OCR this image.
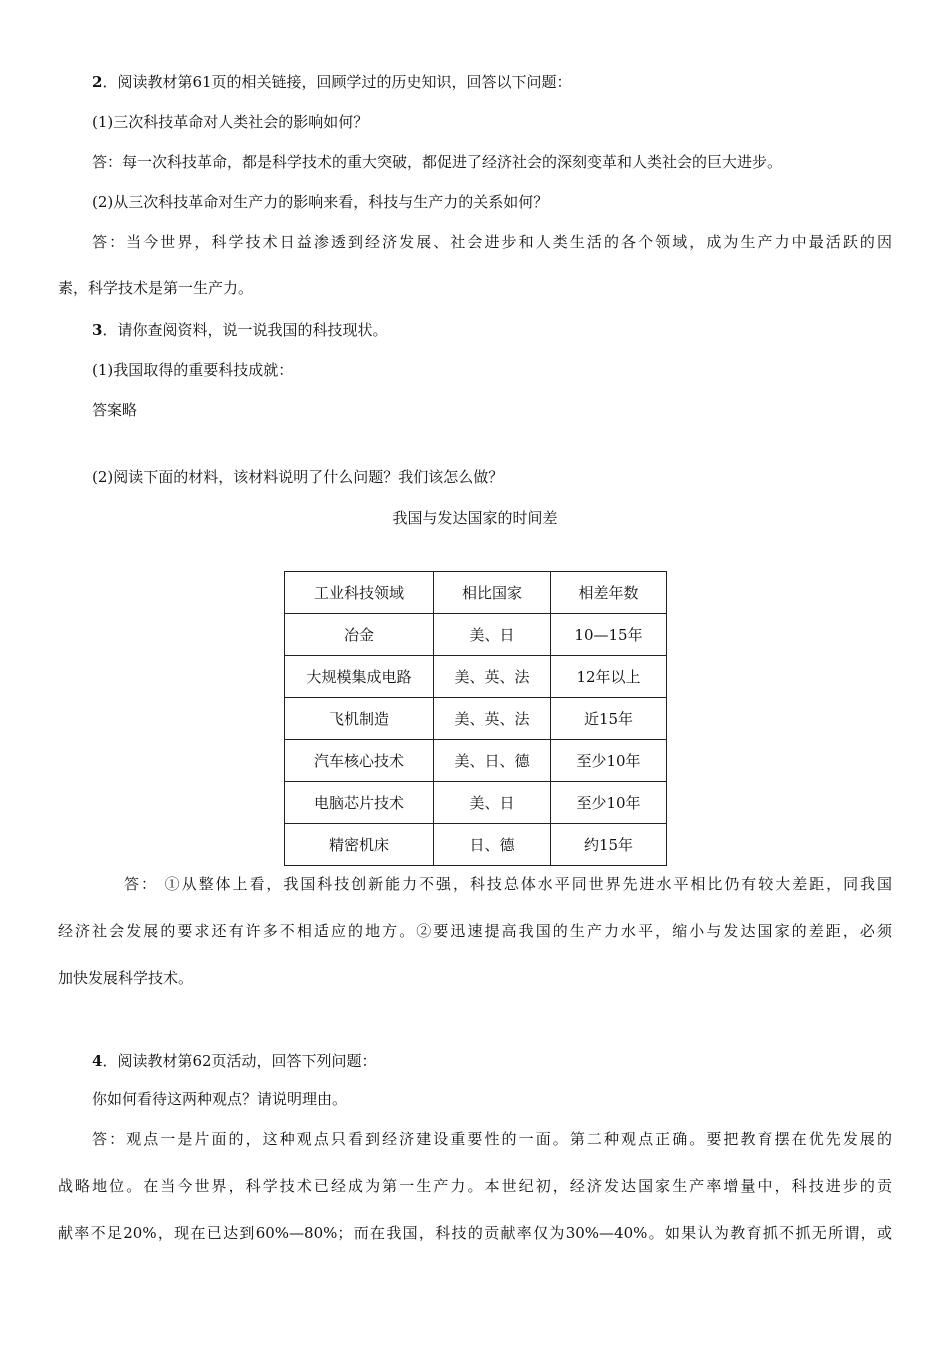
2．阅读教材第61页的相关链接，回顾学过的历史知识，回答以下问题：
(1)三次科技革命对人类社会的影响如何？
答：每一次科技革命，都是科学技术的重大突破，都促进了经济社会的深刻变革和人类社会的巨大进步。
(2)从三次科技革命对生产力的影响来看，科技与生产力的关系如何？
答：当今世界，科学技术日益渗透到经济发展、社会进步和人类生活的各个领域，成为生产力中最活跃的因
素，科学技术是第一生产力。
3．请你查阅资料，说一说我国的科技现状。
(1)我国取得的重要科技成就：
答案略
(2)阅读下面的材料，该材料说明了什么问题？我们该怎么做？
我国与发达国家的时间差
工业科技领域	相比国家	相差年数
冶金	美、日	10—15年
大规模集成电路	美、英、法	12年以上
飞机制造	美、英、法	近15年
汽车核心技术	美、日、德	至少10年
电脑芯片技术	美、日	至少10年
精密机床	日、德	约15年
答： ①从整体上看，我国科技创新能力不强，科技总体水平同世界先进水平相比仍有较大差距，同我国
经济社会发展的要求还有许多不相适应的地方。②要迅速提高我国的生产力水平，缩小与发达国家的差距，必须
加快发展科学技术。
4．阅读教材第62页活动，回答下列问题：
你如何看待这两种观点？请说明理由。
答：观点一是片面的，这种观点只看到经济建设重要性的一面。第二种观点正确。要把教育摆在优先发展的
战略地位。在当今世界，科学技术已经成为第一生产力。本世纪初，经济发达国家生产率增量中，科技进步的贡
献率不足20%，现在已达到60%—80%；而在我国，科技的贡献率仅为30%—40%。如果认为教育抓不抓无所谓，或
